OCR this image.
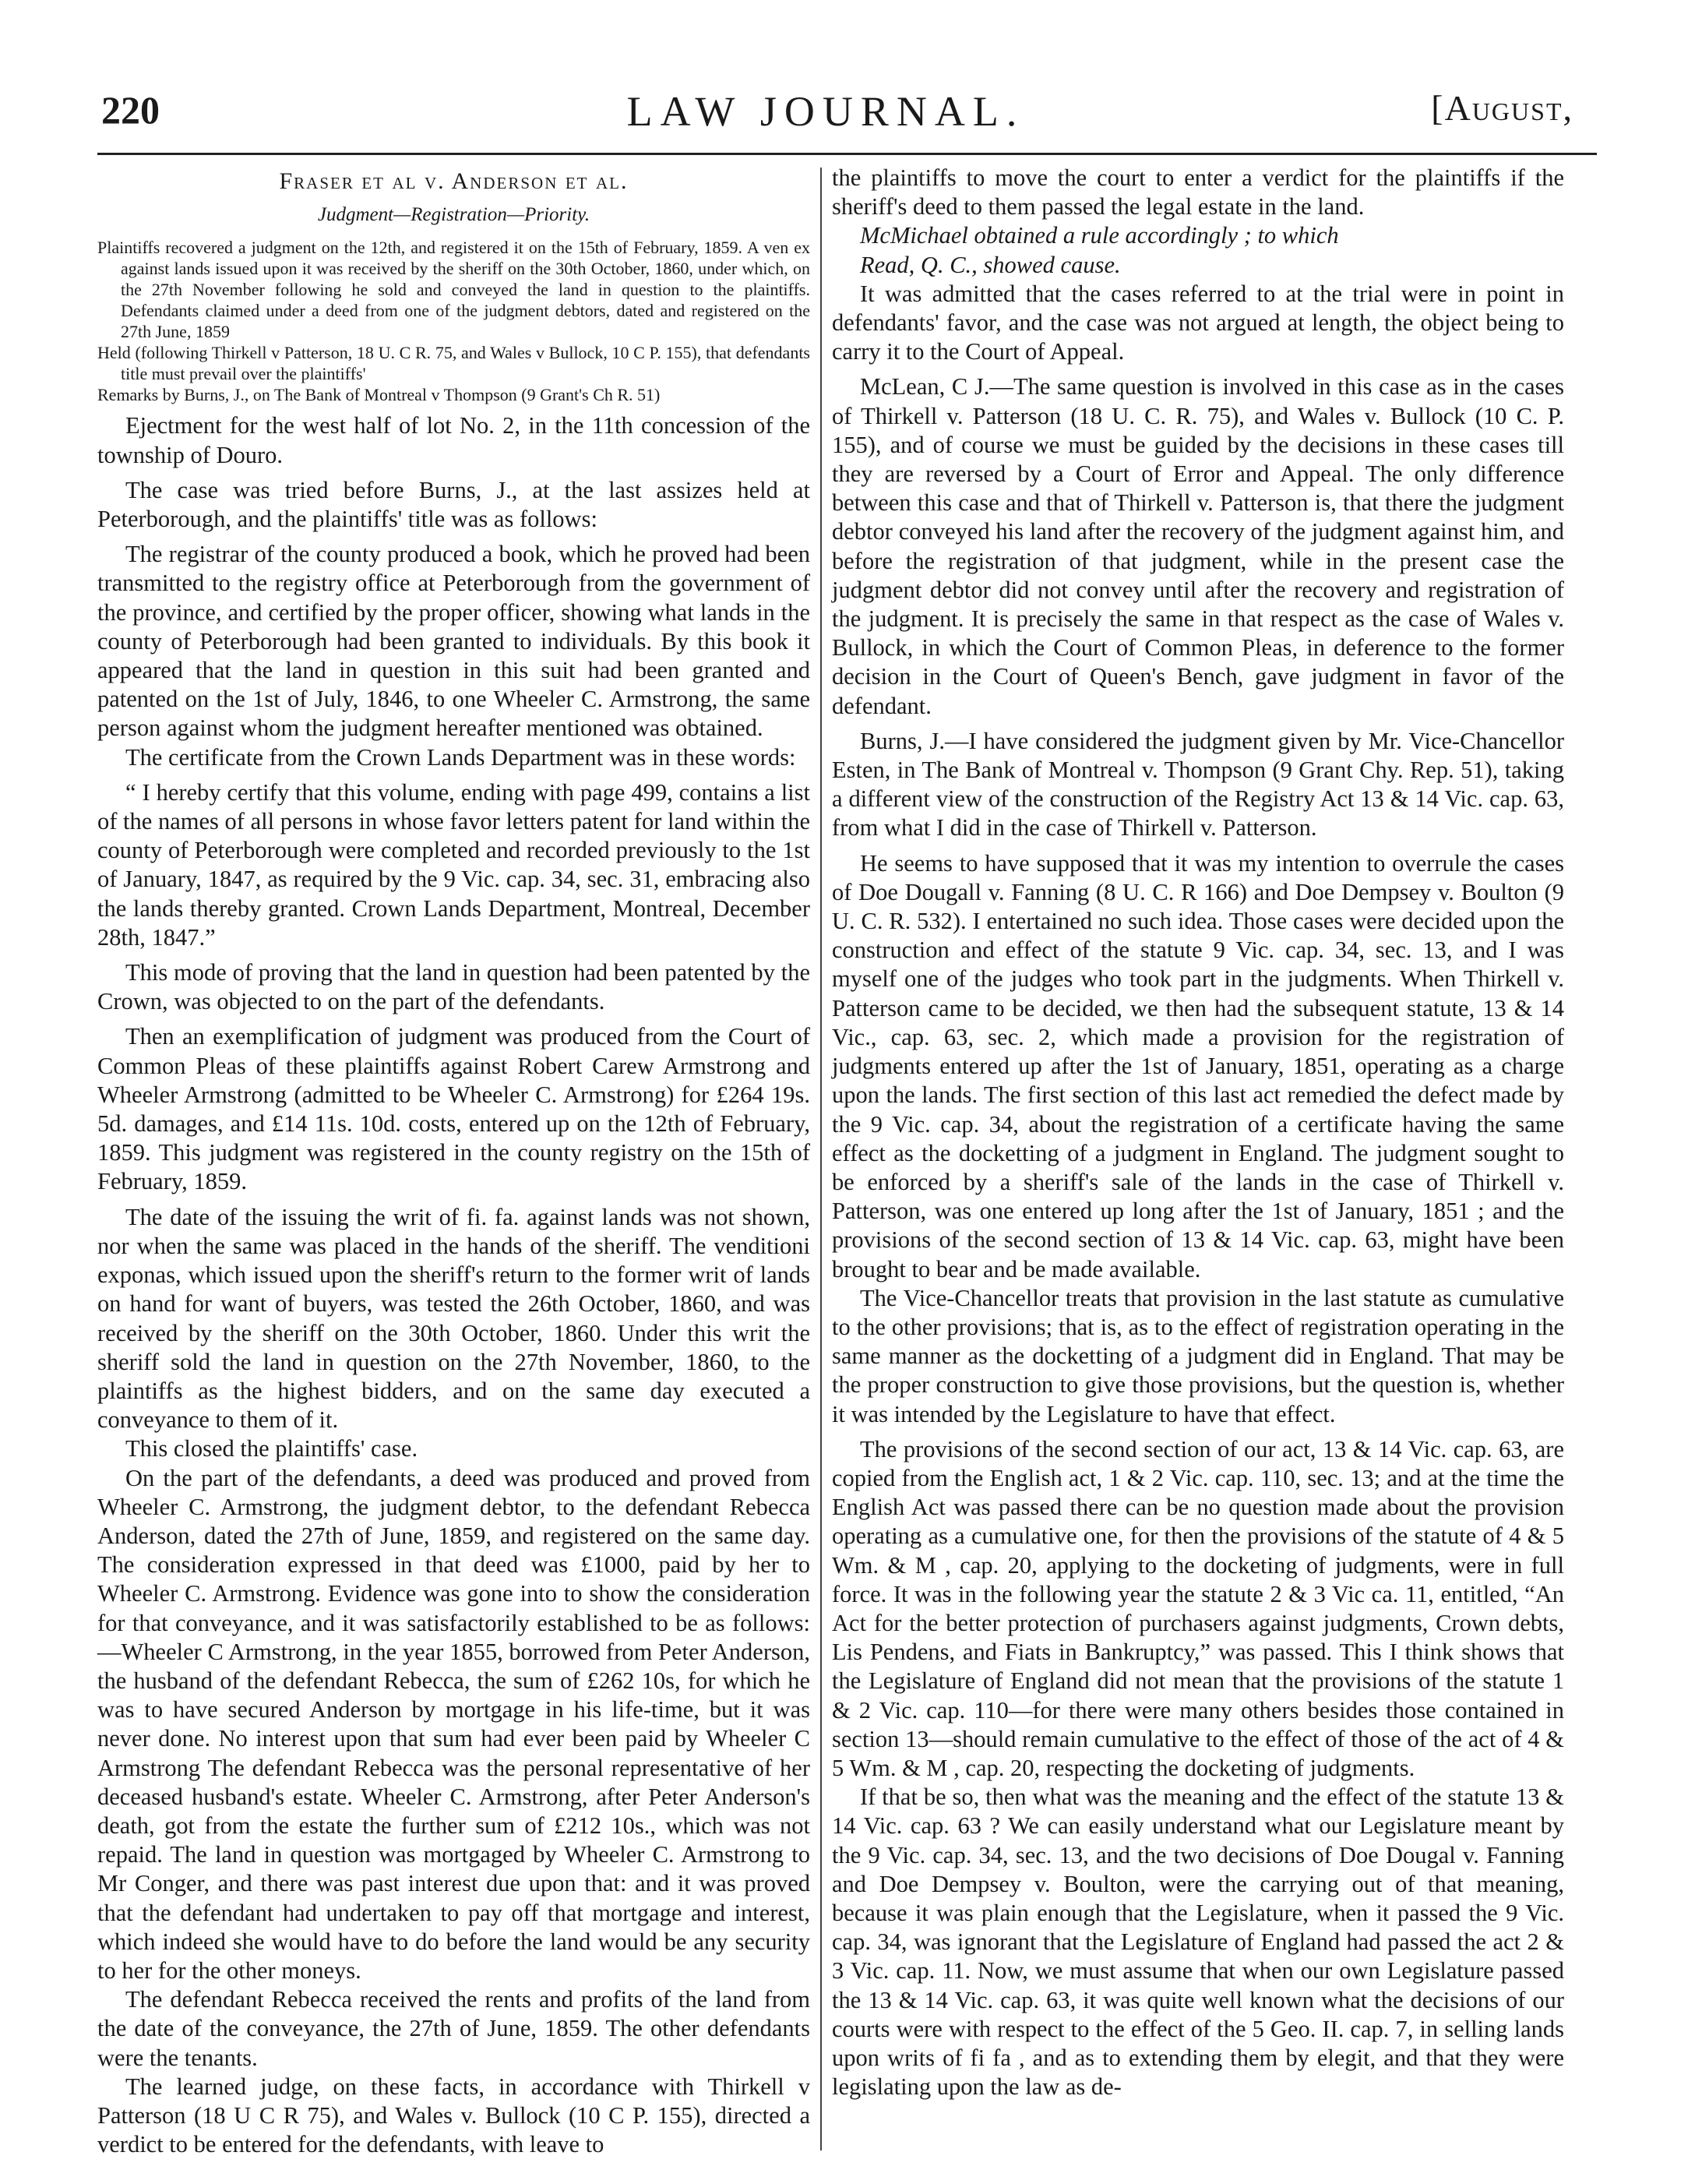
220	LAW JOURNAL.	[August,
Fraser et al v. Anderson et al.
Judgment—Registration—Priority.

Plaintiffs recovered a judgment on the 12th, and registered it on the 15th of February, 1859. A ven ex against lands issued upon it was received by the sheriff on the 30th October, 1860, under which, on the 27th November following he sold and conveyed the land in question to the plaintiffs. Defendants claimed under a deed from one of the judgment debtors, dated and registered on the 27th June, 1859

Held (following Thirkell v Patterson, 18 U. C R. 75, and Wales v Bullock, 10 C P. 155), that defendants title must prevail over the plaintiffs'

Remarks by Burns, J., on The Bank of Montreal v Thompson (9 Grant's Ch R. 51)

Ejectment for the west half of lot No. 2, in the 11th concession of the township of Douro.

The case was tried before Burns, J., at the last assizes held at Peterborough, and the plaintiffs' title was as follows:

The registrar of the county produced a book, which he proved had been transmitted to the registry office at Peterborough from the government of the province, and certified by the proper officer, showing what lands in the county of Peterborough had been granted to individuals. By this book it appeared that the land in question in this suit had been granted and patented on the 1st of July, 1846, to one Wheeler C. Armstrong, the same person against whom the judgment hereafter mentioned was obtained.

The certificate from the Crown Lands Department was in these words:

“ I hereby certify that this volume, ending with page 499, contains a list of the names of all persons in whose favor letters patent for land within the county of Peterborough were completed and recorded previously to the 1st of January, 1847, as required by the 9 Vic. cap. 34, sec. 31, embracing also the lands thereby granted. Crown Lands Department, Montreal, December 28th, 1847.”

This mode of proving that the land in question had been patented by the Crown, was objected to on the part of the defendants.

Then an exemplification of judgment was produced from the Court of Common Pleas of these plaintiffs against Robert Carew Armstrong and Wheeler Armstrong (admitted to be Wheeler C. Armstrong) for £264 19s. 5d. damages, and £14 11s. 10d. costs, entered up on the 12th of February, 1859. This judgment was registered in the county registry on the 15th of February, 1859.

The date of the issuing the writ of fi. fa. against lands was not shown, nor when the same was placed in the hands of the sheriff. The venditioni exponas, which issued upon the sheriff's return to the former writ of lands on hand for want of buyers, was tested the 26th October, 1860, and was received by the sheriff on the 30th October, 1860. Under this writ the sheriff sold the land in question on the 27th November, 1860, to the plaintiffs as the highest bidders, and on the same day executed a conveyance to them of it.

This closed the plaintiffs' case.

On the part of the defendants, a deed was produced and proved from Wheeler C. Armstrong, the judgment debtor, to the defendant Rebecca Anderson, dated the 27th of June, 1859, and registered on the same day. The consideration expressed in that deed was £1000, paid by her to Wheeler C. Armstrong. Evidence was gone into to show the consideration for that conveyance, and it was satisfactorily established to be as follows:—Wheeler C Armstrong, in the year 1855, borrowed from Peter Anderson, the husband of the defendant Rebecca, the sum of £262 10s, for which he was to have secured Anderson by mortgage in his life-time, but it was never done. No interest upon that sum had ever been paid by Wheeler C Armstrong The defendant Rebecca was the personal representative of her deceased husband's estate. Wheeler C. Armstrong, after Peter Anderson's death, got from the estate the further sum of £212 10s., which was not repaid. The land in question was mortgaged by Wheeler C. Armstrong to Mr Conger, and there was past interest due upon that: and it was proved that the defendant had undertaken to pay off that mortgage and interest, which indeed she would have to do before the land would be any security to her for the other moneys.

The defendant Rebecca received the rents and profits of the land from the date of the conveyance, the 27th of June, 1859. The other defendants were the tenants.

The learned judge, on these facts, in accordance with Thirkell v Patterson (18 U C R 75), and Wales v. Bullock (10 C P. 155), directed a verdict to be entered for the defendants, with leave to

the plaintiffs to move the court to enter a verdict for the plaintiffs if the sheriff's deed to them passed the legal estate in the land.

McMichael obtained a rule accordingly ; to which

Read, Q. C., showed cause.

It was admitted that the cases referred to at the trial were in point in defendants' favor, and the case was not argued at length, the object being to carry it to the Court of Appeal.

McLean, C J.—The same question is involved in this case as in the cases of Thirkell v. Patterson (18 U. C. R. 75), and Wales v. Bullock (10 C. P. 155), and of course we must be guided by the decisions in these cases till they are reversed by a Court of Error and Appeal. The only difference between this case and that of Thirkell v. Patterson is, that there the judgment debtor conveyed his land after the recovery of the judgment against him, and before the registration of that judgment, while in the present case the judgment debtor did not convey until after the recovery and registration of the judgment. It is precisely the same in that respect as the case of Wales v. Bullock, in which the Court of Common Pleas, in deference to the former decision in the Court of Queen's Bench, gave judgment in favor of the defendant.

Burns, J.—I have considered the judgment given by Mr. Vice-Chancellor Esten, in The Bank of Montreal v. Thompson (9 Grant Chy. Rep. 51), taking a different view of the construction of the Registry Act 13 & 14 Vic. cap. 63, from what I did in the case of Thirkell v. Patterson.

He seems to have supposed that it was my intention to overrule the cases of Doe Dougall v. Fanning (8 U. C. R 166) and Doe Dempsey v. Boulton (9 U. C. R. 532). I entertained no such idea. Those cases were decided upon the construction and effect of the statute 9 Vic. cap. 34, sec. 13, and I was myself one of the judges who took part in the judgments. When Thirkell v. Patterson came to be decided, we then had the subsequent statute, 13 & 14 Vic., cap. 63, sec. 2, which made a provision for the registration of judgments entered up after the 1st of January, 1851, operating as a charge upon the lands. The first section of this last act remedied the defect made by the 9 Vic. cap. 34, about the registration of a certificate having the same effect as the docketting of a judgment in England. The judgment sought to be enforced by a sheriff's sale of the lands in the case of Thirkell v. Patterson, was one entered up long after the 1st of January, 1851 ; and the provisions of the second section of 13 & 14 Vic. cap. 63, might have been brought to bear and be made available.

The Vice-Chancellor treats that provision in the last statute as cumulative to the other provisions; that is, as to the effect of registration operating in the same manner as the docketting of a judgment did in England. That may be the proper construction to give those provisions, but the question is, whether it was intended by the Legislature to have that effect.

The provisions of the second section of our act, 13 & 14 Vic. cap. 63, are copied from the English act, 1 & 2 Vic. cap. 110, sec. 13; and at the time the English Act was passed there can be no question made about the provision operating as a cumulative one, for then the provisions of the statute of 4 & 5 Wm. & M , cap. 20, applying to the docketing of judgments, were in full force. It was in the following year the statute 2 & 3 Vic ca. 11, entitled, “An Act for the better protection of purchasers against judgments, Crown debts, Lis Pendens, and Fiats in Bankruptcy,” was passed. This I think shows that the Legislature of England did not mean that the provisions of the statute 1 & 2 Vic. cap. 110—for there were many others besides those contained in section 13—should remain cumulative to the effect of those of the act of 4 & 5 Wm. & M , cap. 20, respecting the docketing of judgments.

If that be so, then what was the meaning and the effect of the statute 13 & 14 Vic. cap. 63 ? We can easily understand what our Legislature meant by the 9 Vic. cap. 34, sec. 13, and the two decisions of Doe Dougal v. Fanning and Doe Dempsey v. Boulton, were the carrying out of that meaning, because it was plain enough that the Legislature, when it passed the 9 Vic. cap. 34, was ignorant that the Legislature of England had passed the act 2 & 3 Vic. cap. 11. Now, we must assume that when our own Legislature passed the 13 & 14 Vic. cap. 63, it was quite well known what the decisions of our courts were with respect to the effect of the 5 Geo. II. cap. 7, in selling lands upon writs of fi fa , and as to extending them by elegit, and that they were legislating upon the law as de-
